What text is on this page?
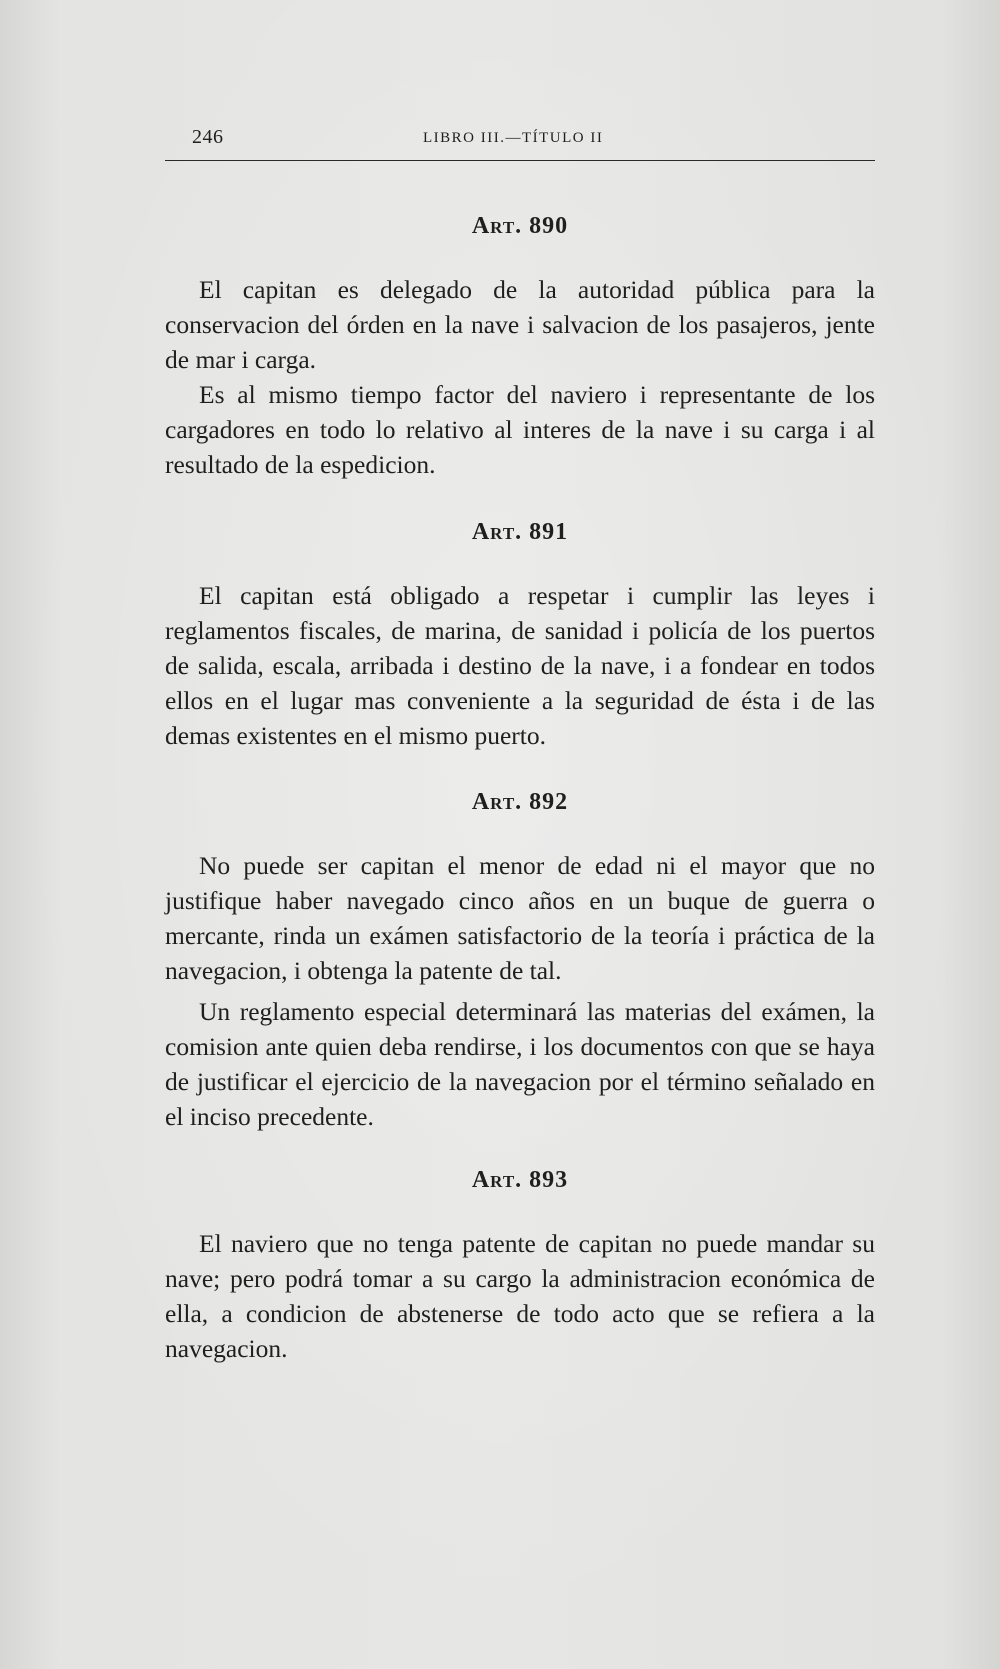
246	LIBRO III.—TÍTULO II
Art. 890

El capitan es delegado de la autoridad pública para la conservacion del órden en la nave i salvacion de los pasajeros, jente de mar i carga.

Es al mismo tiempo factor del naviero i representante de los cargadores en todo lo relativo al interes de la nave i su carga i al resultado de la espedicion.

Art. 891

El capitan está obligado a respetar i cumplir las leyes i reglamentos fiscales, de marina, de sanidad i policía de los puertos de salida, escala, arribada i destino de la nave, i a fondear en todos ellos en el lugar mas conveniente a la seguridad de ésta i de las demas existentes en el mismo puerto.

Art. 892

No puede ser capitan el menor de edad ni el mayor que no justifique haber navegado cinco años en un buque de guerra o mercante, rinda un exámen satisfactorio de la teoría i práctica de la navegacion, i obtenga la patente de tal.

Un reglamento especial determinará las materias del exámen, la comision ante quien deba rendirse, i los documentos con que se haya de justificar el ejercicio de la navegacion por el término señalado en el inciso precedente.

Art. 893

El naviero que no tenga patente de capitan no puede mandar su nave; pero podrá tomar a su cargo la administracion económica de ella, a condicion de abstenerse de todo acto que se refiera a la navegacion.
